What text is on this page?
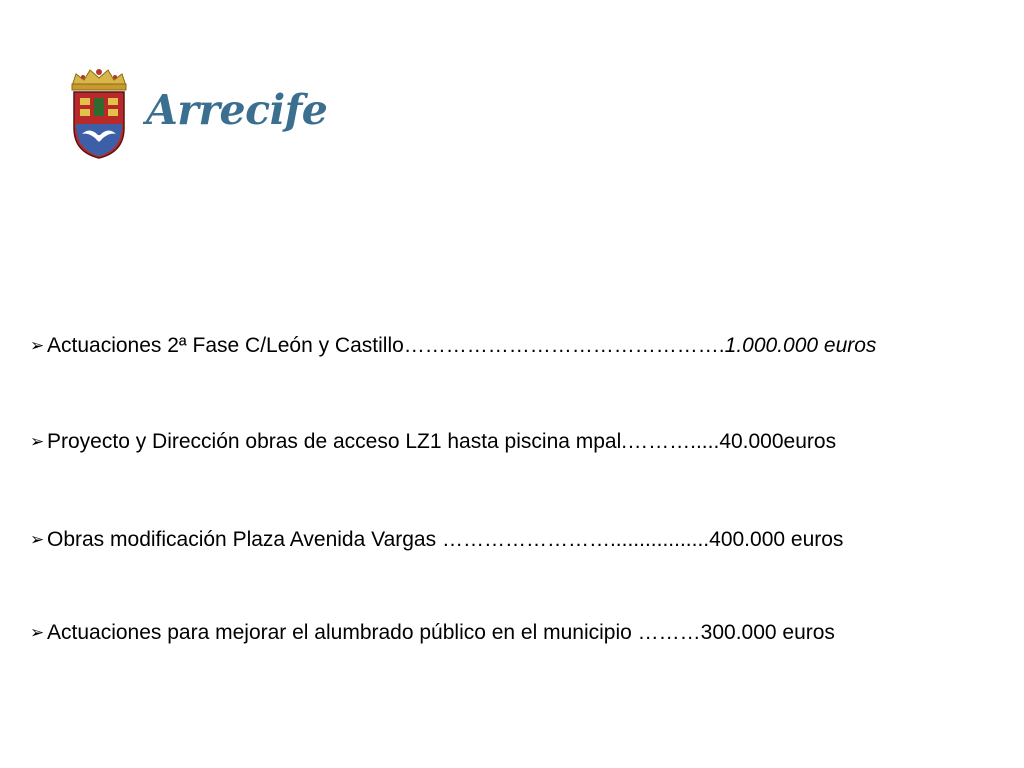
Arrecife
➢ Actuaciones 2ª Fase C/León y Castillo……………………………………….1.000.000 euros
➢ Proyecto y Dirección obras de acceso LZ1 hasta piscina mpal.……….....40.000euros
➢ Obras modificación Plaza Avenida Vargas …………………….................400.000 euros
➢ Actuaciones para mejorar el alumbrado público en el municipio ………300.000 euros
